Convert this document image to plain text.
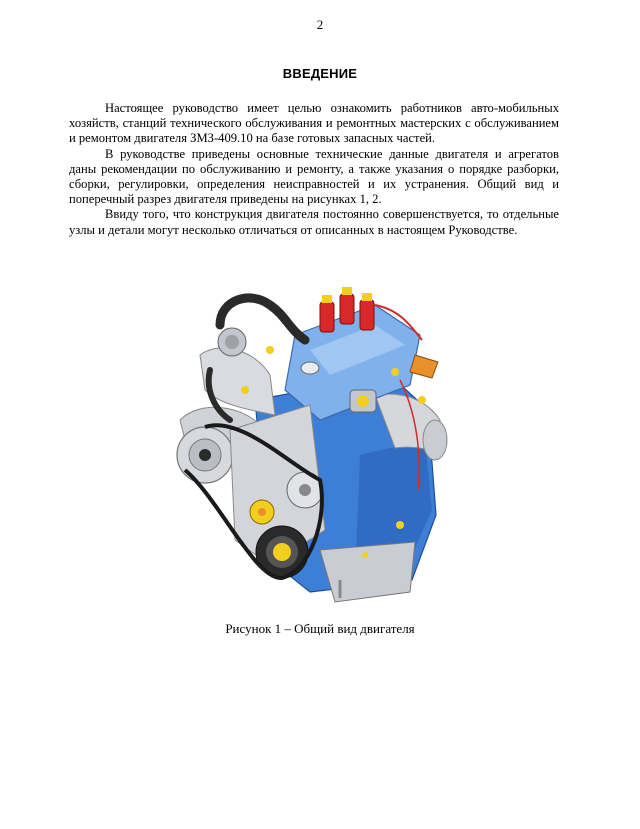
2
ВВЕДЕНИЕ

Настоящее руководство имеет целью ознакомить работников авто-мобильных хозяйств, станций технического обслуживания и ремонтных мастерских с обслуживанием и ремонтом двигателя ЗМЗ-409.10 на базе готовых запасных частей.

В руководстве приведены основные технические данные двигателя и агрегатов даны рекомендации по обслуживанию и ремонту, а также указания о порядке разборки, сборки, регулировки, определения неисправностей и их устранения. Общий вид и поперечный разрез двигателя приведены на рисунках 1, 2.

Ввиду того, что конструкция двигателя постоянно совершенствуется, то отдельные узлы и детали могут несколько отличаться от описанных в настоящем Руководстве.

Рисунок 1 – Общий вид двигателя
